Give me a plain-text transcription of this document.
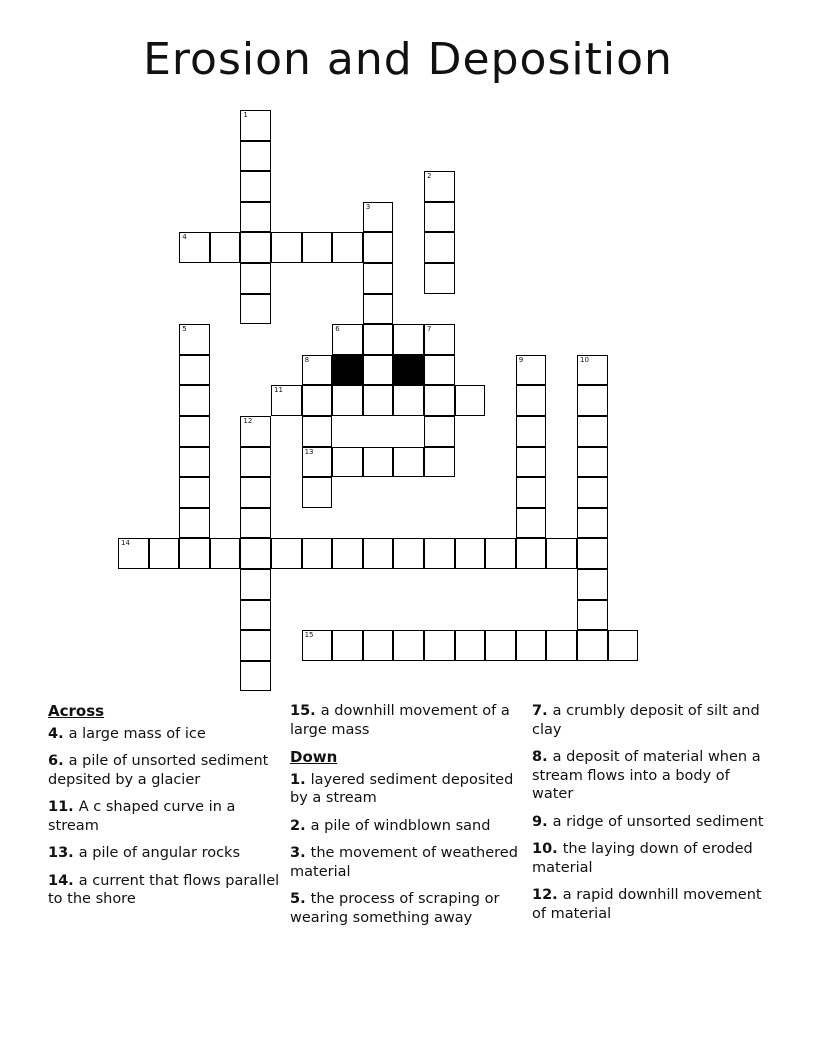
Erosion and Deposition
1
2
3
4
5	6	7
8	9	10
11
12
13
14
15
Across
4. a large mass of ice
6. a pile of unsorted sediment depsited by a glacier
11. A c shaped curve in a stream
13. a pile of angular rocks
14. a current that flows parallel to the shore
15. a downhill movement of a large mass
Down
1. layered sediment deposited by a stream
2. a pile of windblown sand
3. the movement of weathered material
5. the process of scraping or wearing something away
7. a crumbly deposit of silt and clay
8. a deposit of material when a stream flows into a body of water
9. a ridge of unsorted sediment
10. the laying down of eroded material
12. a rapid downhill movement of material
